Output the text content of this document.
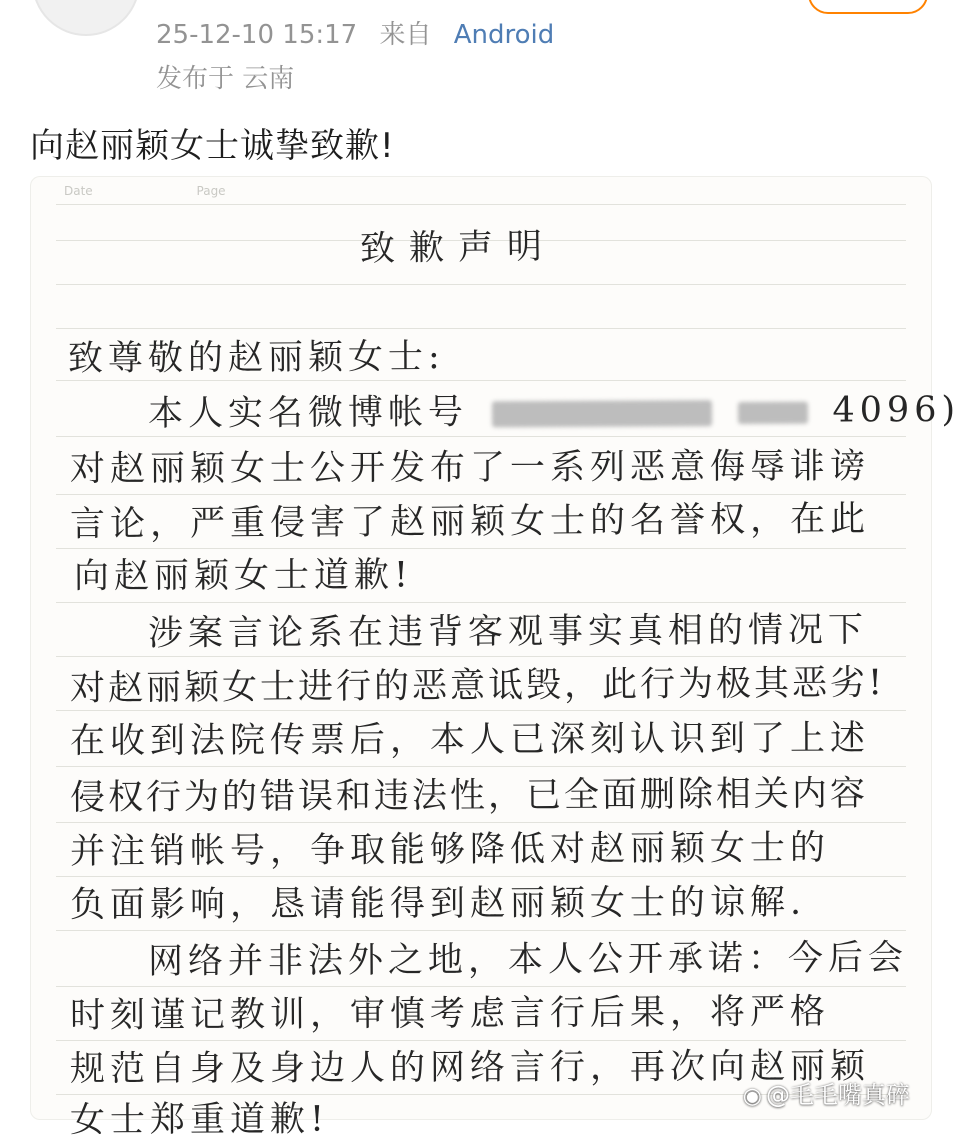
25-12-10 15:17 来自 Android
发布于 云南
向赵丽颖女士诚挚致歉!
Date	Page
致歉声明
致尊敬的赵丽颖女士:
本人实名微博帐号	4096)
对赵丽颖女士公开发布了一系列恶意侮辱诽谤
言论，严重侵害了赵丽颖女士的名誉权，在此
向赵丽颖女士道歉!
涉案言论系在违背客观事实真相的情况下
对赵丽颖女士进行的恶意诋毁，此行为极其恶劣!
在收到法院传票后，本人已深刻认识到了上述
侵权行为的错误和违法性，已全面删除相关内容
并注销帐号，争取能够降低对赵丽颖女士的
负面影响，恳请能得到赵丽颖女士的谅解.
网络并非法外之地，本人公开承诺：今后会
时刻谨记教训，审慎考虑言行后果，将严格
规范自身及身边人的网络言行，再次向赵丽颖
女士郑重道歉!
◉ @毛毛嘴真碎
